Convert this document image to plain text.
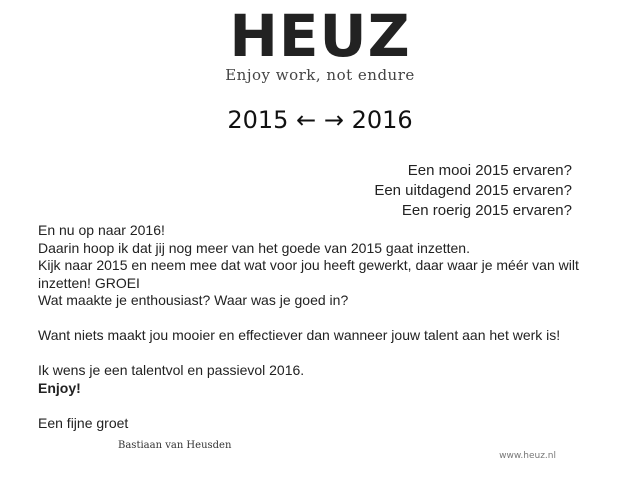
HEUZ
Enjoy work, not endure
2015 ← → 2016
Een mooi 2015 ervaren?
Een uitdagend 2015 ervaren?
Een roerig 2015 ervaren?

En nu op naar 2016!

Daarin hoop ik dat jij nog meer van het goede van 2015 gaat inzetten.

Kijk naar 2015 en neem mee dat wat voor jou heeft gewerkt, daar waar je méér van wilt inzetten! GROEI

Wat maakte je enthousiast? Waar was je goed in?

Want niets maakt jou mooier en effectiever dan wanneer jouw talent aan het werk is!

Ik wens je een talentvol en passievol 2016.

Enjoy!

Een fijne groet

Bastiaan van Heusden
www.heuz.nl
